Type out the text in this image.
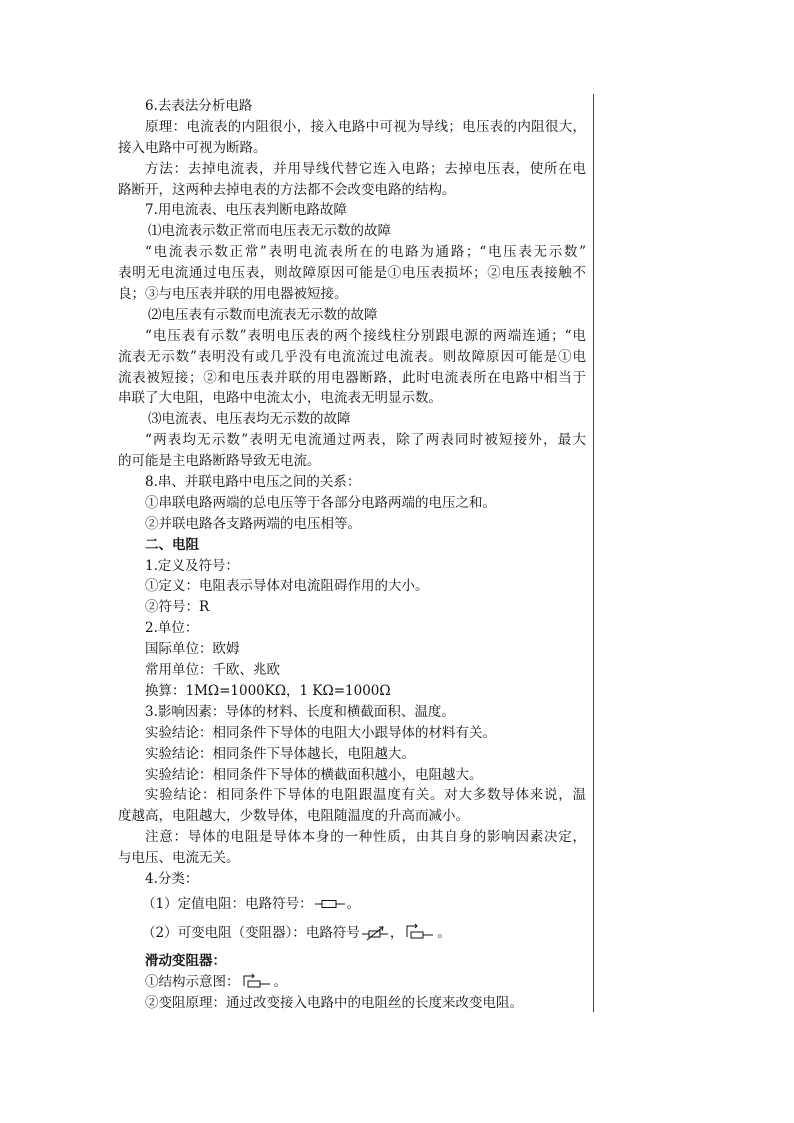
6.去表法分析电路
原理：电流表的内阻很小，接入电路中可视为导线；电压表的内阻很大，
接入电路中可视为断路。
方法：去掉电流表，并用导线代替它连入电路；去掉电压表，使所在电
路断开，这两种去掉电表的方法都不会改变电路的结构。
7.用电流表、电压表判断电路故障
⑴电流表示数正常而电压表无示数的故障
“电流表示数正常”表明电流表所在的电路为通路；“电压表无示数”
表明无电流通过电压表，则故障原因可能是①电压表损坏；②电压表接触不
良；③与电压表并联的用电器被短接。
⑵电压表有示数而电流表无示数的故障
“电压表有示数”表明电压表的两个接线柱分别跟电源的两端连通；“电
流表无示数”表明没有或几乎没有电流流过电流表。则故障原因可能是①电
流表被短接；②和电压表并联的用电器断路，此时电流表所在电路中相当于
串联了大电阻，电路中电流太小，电流表无明显示数。
⑶电流表、电压表均无示数的故障
“两表均无示数”表明无电流通过两表，除了两表同时被短接外，最大
的可能是主电路断路导致无电流。
8.串、并联电路中电压之间的关系：
①串联电路两端的总电压等于各部分电路两端的电压之和。
②并联电路各支路两端的电压相等。
二、电阻
1.定义及符号：
①定义：电阻表示导体对电流阻碍作用的大小。
②符号：R
2.单位：
国际单位：欧姆
常用单位：千欧、兆欧
换算：1MΩ=1000KΩ，1 KΩ=1000Ω
3.影响因素：导体的材料、长度和横截面积、温度。
实验结论：相同条件下导体的电阻大小跟导体的材料有关。
实验结论：相同条件下导体越长，电阻越大。
实验结论：相同条件下导体的横截面积越小，电阻越大。
实验结论：相同条件下导体的电阻跟温度有关。对大多数导体来说，温
度越高，电阻越大，少数导体，电阻随温度的升高而减小。
注意：导体的电阻是导体本身的一种性质，由其自身的影响因素决定，
与电压、电流无关。
4.分类：
（1）定值电阻：电路符号：	。
（2）可变电阻（变阻器）：电路符号 ，	。
滑动变阻器：
①结构示意图：	。
②变阻原理：通过改变接入电路中的电阻丝的长度来改变电阻。
